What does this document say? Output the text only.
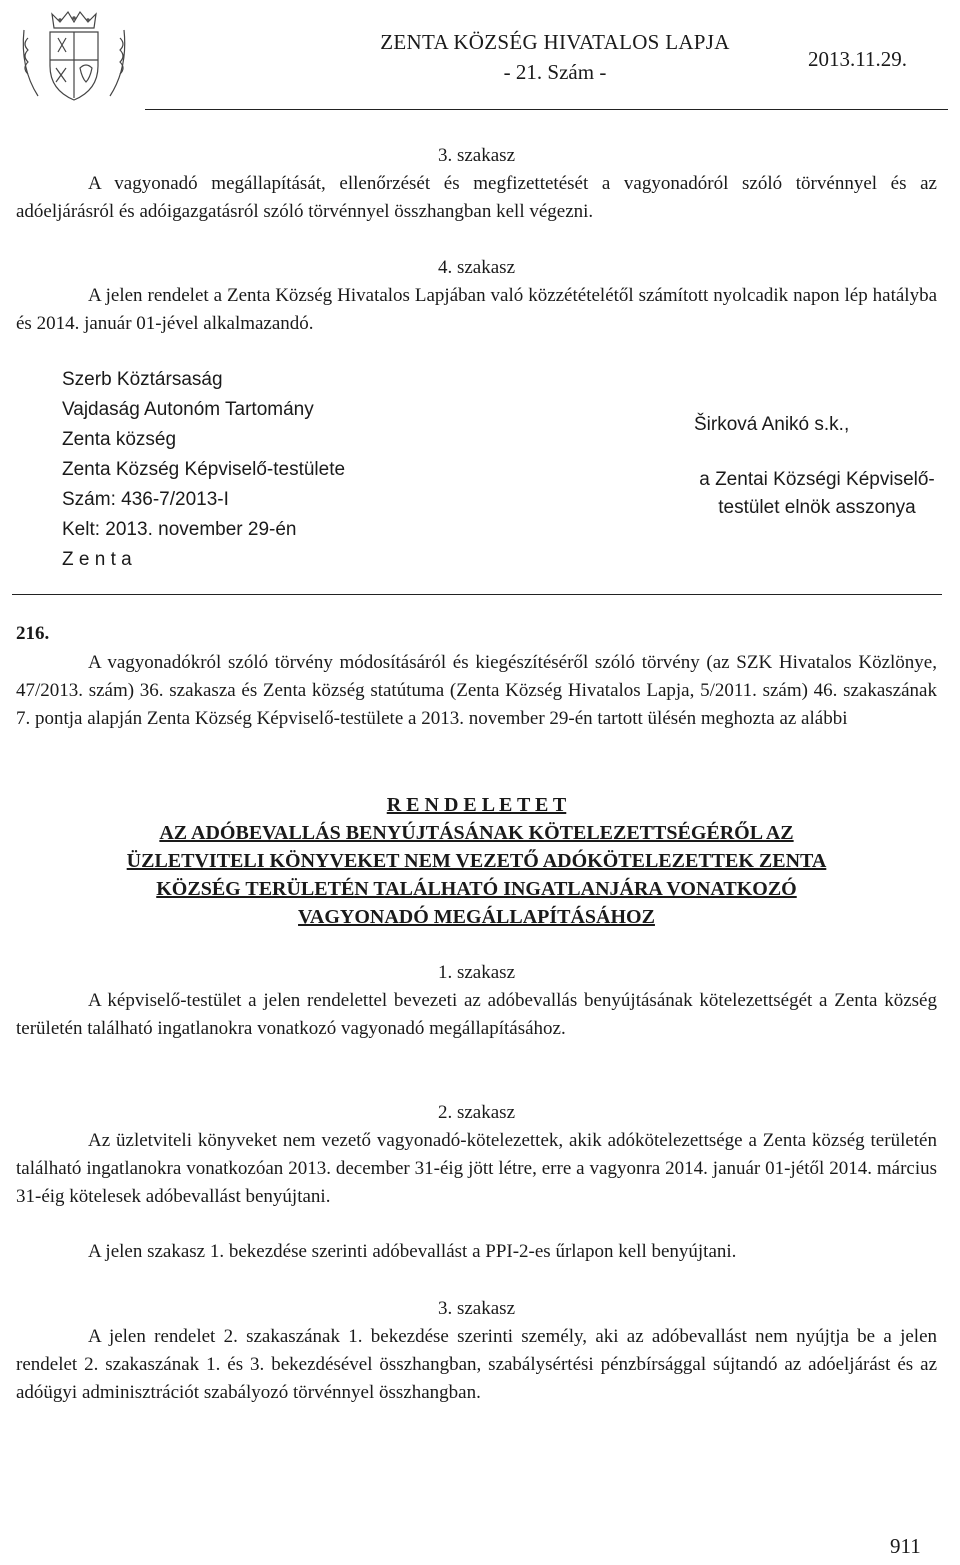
ZENTA KÖZSÉG HIVATALOS LAPJA
- 21. Szám -
2013.11.29.
3. szakasz
A vagyonadó megállapítását, ellenőrzését és megfizettetését a vagyonadóról szóló törvénnyel és az adóeljárásról és adóigazgatásról szóló törvénnyel összhangban kell végezni.
4. szakasz
A jelen rendelet a Zenta Község Hivatalos Lapjában való közzétételétől számított nyolcadik napon lép hatályba és 2014. január 01-jével alkalmazandó.
Szerb Köztársaság
Vajdaság Autonóm Tartomány
Zenta község
Zenta Község Képviselő-testülete
Szám: 436-7/2013-I
Kelt: 2013. november 29-én
Z e n t a
Širková Anikó s.k.,
a Zentai Községi Képviselő-
testület elnök asszonya
216.
A vagyonadókról szóló törvény módosításáról és kiegészítéséről szóló törvény (az SZK Hivatalos Közlönye, 47/2013. szám) 36. szakasza és Zenta község statútuma (Zenta Község Hivatalos Lapja, 5/2011. szám) 46. szakaszának 7. pontja alapján Zenta Község Képviselő-testülete a 2013. november 29-én tartott ülésén meghozta az alábbi
R E N D E L E T E T
AZ ADÓBEVALLÁS BENYÚJTÁSÁNAK KÖTELEZETTSÉGÉRŐL AZ
ÜZLETVITELI KÖNYVEKET NEM VEZETŐ ADÓKÖTELEZETTEK ZENTA
KÖZSÉG TERÜLETÉN TALÁLHATÓ INGATLANJÁRA VONATKOZÓ
VAGYONADÓ MEGÁLLAPÍTÁSÁHOZ
1. szakasz
A képviselő-testület a jelen rendelettel bevezeti az adóbevallás benyújtásának kötelezettségét a Zenta község területén található ingatlanokra vonatkozó vagyonadó megállapításához.
2. szakasz
Az üzletviteli könyveket nem vezető vagyonadó-kötelezettek, akik adókötelezettsége a Zenta község területén található ingatlanokra vonatkozóan 2013. december 31-éig jött létre, erre a vagyonra 2014. január 01-jétől 2014. március 31-éig kötelesek adóbevallást benyújtani.
A jelen szakasz 1. bekezdése szerinti adóbevallást a PPI-2-es űrlapon kell benyújtani.
3. szakasz
A jelen rendelet 2. szakaszának 1. bekezdése szerinti személy, aki az adóbevallást nem nyújtja be a jelen rendelet 2. szakaszának 1. és 3. bekezdésével összhangban, szabálysértési pénzbírsággal sújtandó az adóeljárást és az adóügyi adminisztrációt szabályozó törvénnyel összhangban.
911
